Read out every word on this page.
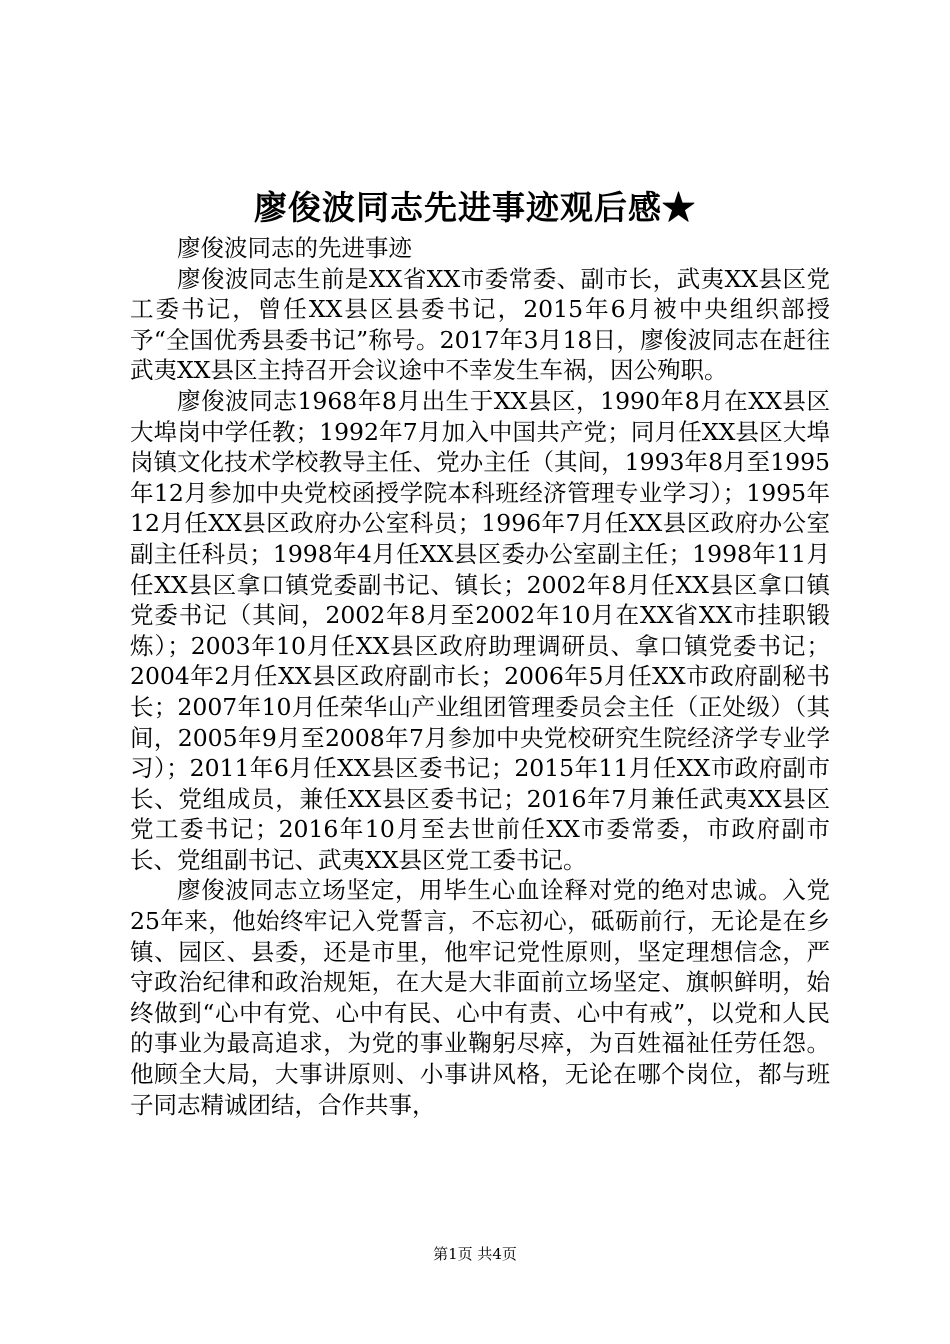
廖俊波同志先进事迹观后感★

廖俊波同志的先进事迹

廖俊波同志生前是XX省XX市委常委、副市长，武夷XX县区党工委书记，曾任XX县区县委书记，2015年6月被中央组织部授予“全国优秀县委书记”称号。2017年3月18日，廖俊波同志在赶往武夷XX县区主持召开会议途中不幸发生车祸，因公殉职。

廖俊波同志1968年8月出生于XX县区，1990年8月在XX县区大埠岗中学任教；1992年7月加入中国共产党；同月任XX县区大埠岗镇文化技术学校教导主任、党办主任（其间，1993年8月至1995年12月参加中央党校函授学院本科班经济管理专业学习）；1995年12月任XX县区政府办公室科员；1996年7月任XX县区政府办公室副主任科员；1998年4月任XX县区委办公室副主任；1998年11月任XX县区拿口镇党委副书记、镇长；2002年8月任XX县区拿口镇党委书记（其间，2002年8月至2002年10月在XX省XX市挂职锻炼）；2003年10月任XX县区政府助理调研员、拿口镇党委书记；2004年2月任XX县区政府副市长；2006年5月任XX市政府副秘书长；2007年10月任荣华山产业组团管理委员会主任（正处级）（其间，2005年9月至2008年7月参加中央党校研究生院经济学专业学习）；2011年6月任XX县区委书记；2015年11月任XX市政府副市长、党组成员，兼任XX县区委书记；2016年7月兼任武夷XX县区党工委书记；2016年10月至去世前任XX市委常委，市政府副市长、党组副书记、武夷XX县区党工委书记。

廖俊波同志立场坚定，用毕生心血诠释对党的绝对忠诚。入党25年来，他始终牢记入党誓言，不忘初心，砥砺前行，无论是在乡镇、园区、县委，还是市里，他牢记党性原则，坚定理想信念，严守政治纪律和政治规矩，在大是大非面前立场坚定、旗帜鲜明，始终做到“心中有党、心中有民、心中有责、心中有戒”，以党和人民的事业为最高追求，为党的事业鞠躬尽瘁，为百姓福祉任劳任怨。他顾全大局，大事讲原则、小事讲风格，无论在哪个岗位，都与班子同志精诚团结，合作共事，

第1页 共4页
